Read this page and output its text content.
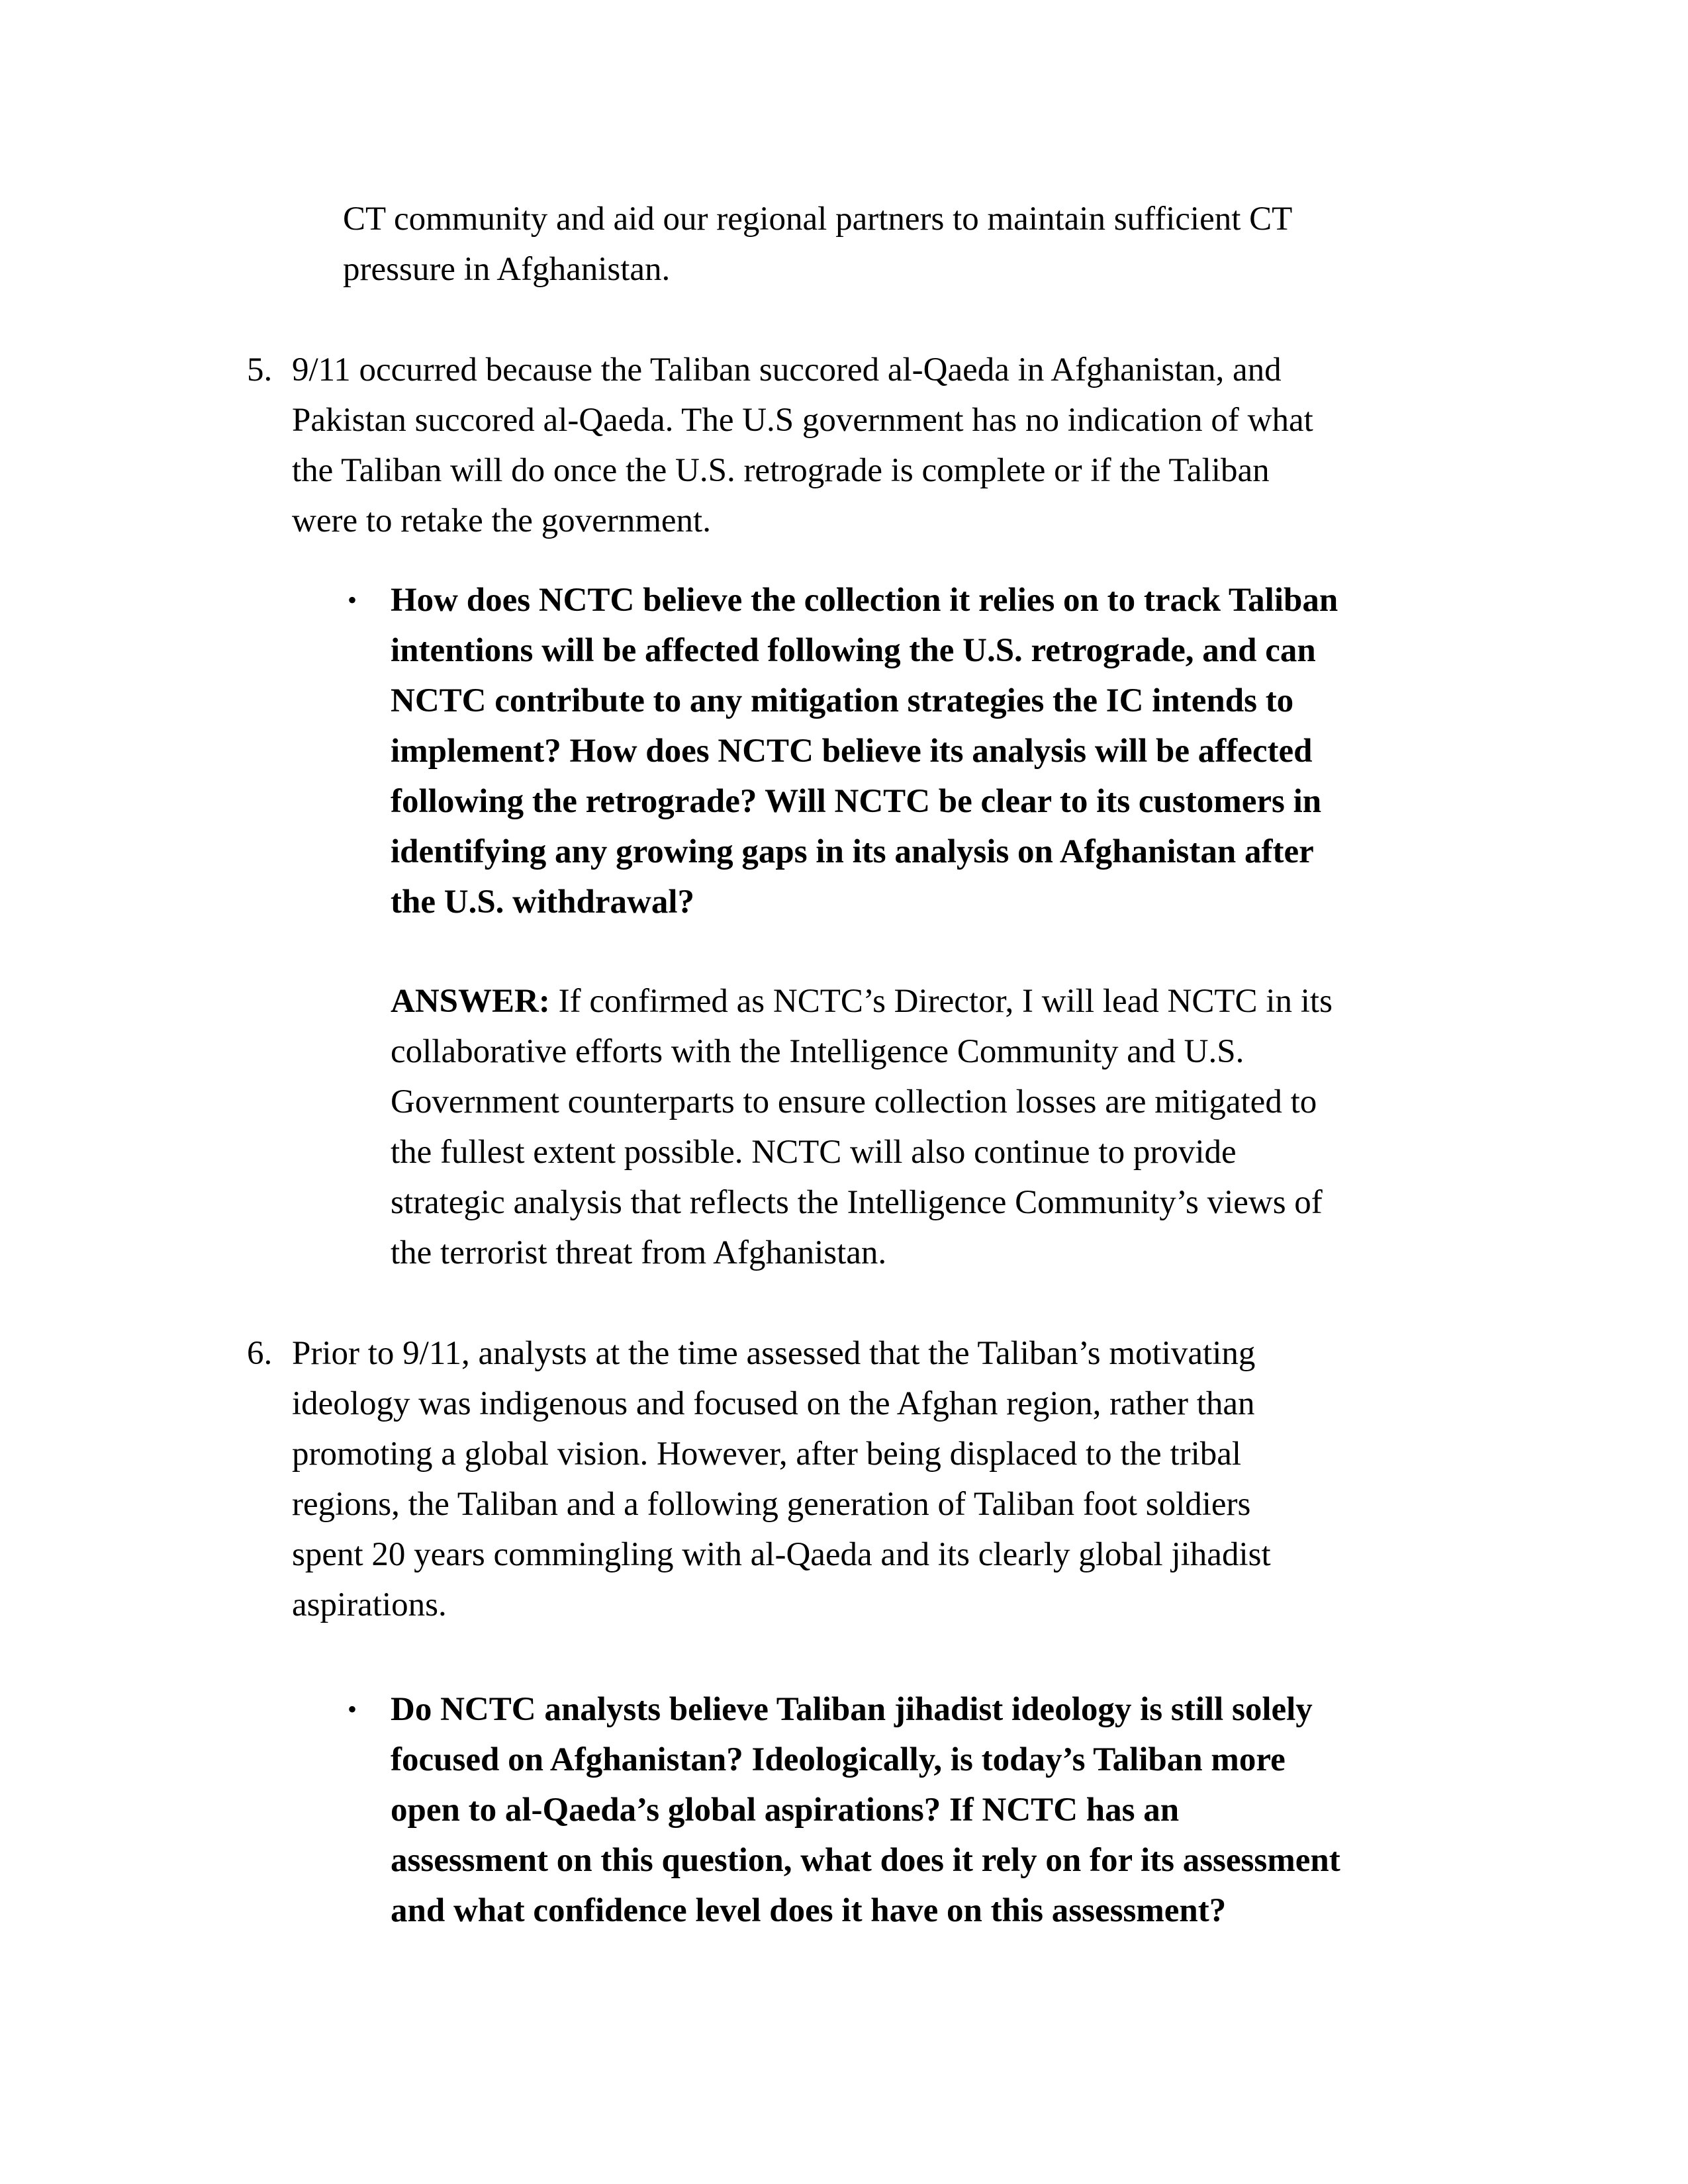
CT community and aid our regional partners to maintain sufficient CT
pressure in Afghanistan.
5. 9/11 occurred because the Taliban succored al-Qaeda in Afghanistan, and
Pakistan succored al-Qaeda. The U.S government has no indication of what
the Taliban will do once the U.S. retrograde is complete or if the Taliban
were to retake the government.
• How does NCTC believe the collection it relies on to track Taliban
intentions will be affected following the U.S. retrograde, and can
NCTC contribute to any mitigation strategies the IC intends to
implement? How does NCTC believe its analysis will be affected
following the retrograde? Will NCTC be clear to its customers in
identifying any growing gaps in its analysis on Afghanistan after
the U.S. withdrawal?
ANSWER: If confirmed as NCTC’s Director, I will lead NCTC in its
collaborative efforts with the Intelligence Community and U.S.
Government counterparts to ensure collection losses are mitigated to
the fullest extent possible. NCTC will also continue to provide
strategic analysis that reflects the Intelligence Community’s views of
the terrorist threat from Afghanistan.
6. Prior to 9/11, analysts at the time assessed that the Taliban’s motivating
ideology was indigenous and focused on the Afghan region, rather than
promoting a global vision. However, after being displaced to the tribal
regions, the Taliban and a following generation of Taliban foot soldiers
spent 20 years commingling with al-Qaeda and its clearly global jihadist
aspirations.
• Do NCTC analysts believe Taliban jihadist ideology is still solely
focused on Afghanistan? Ideologically, is today’s Taliban more
open to al-Qaeda’s global aspirations? If NCTC has an
assessment on this question, what does it rely on for its assessment
and what confidence level does it have on this assessment?
